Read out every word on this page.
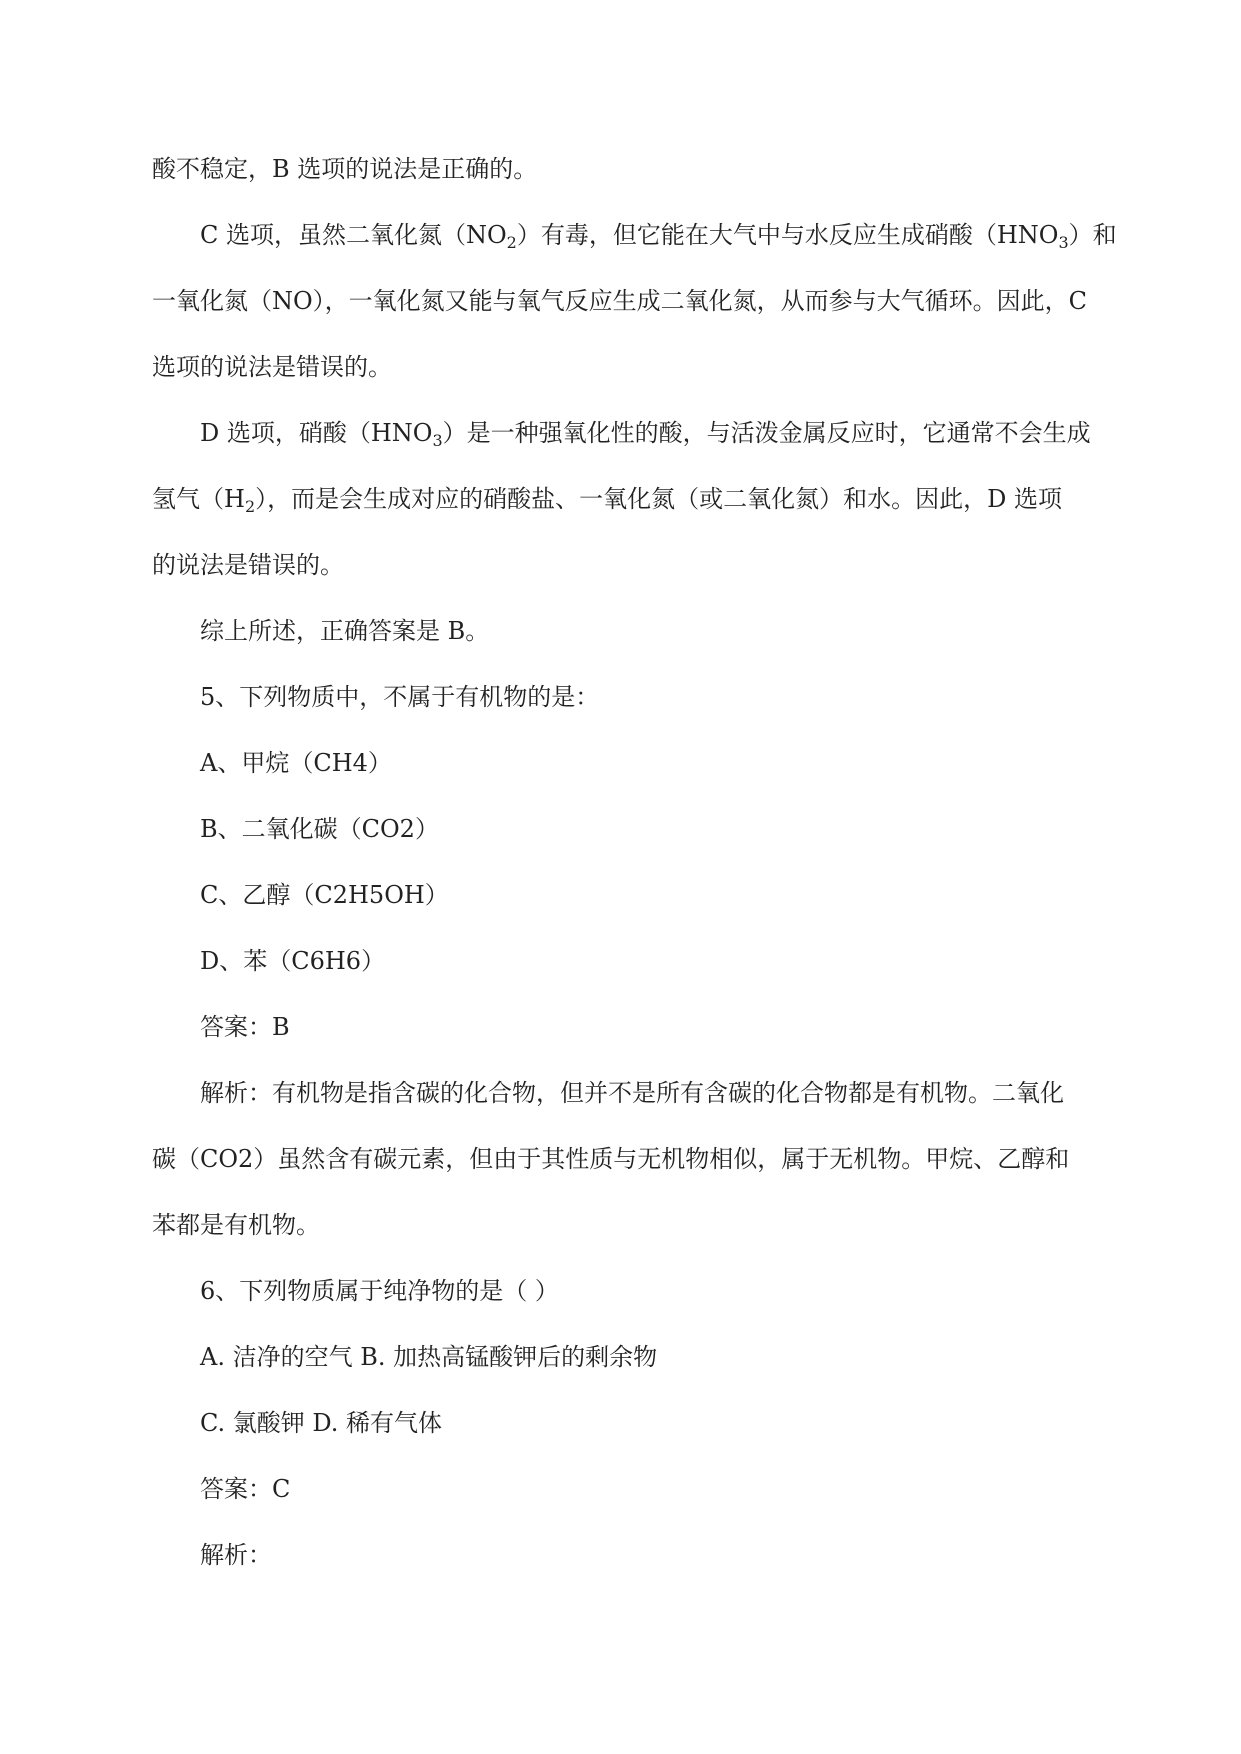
酸不稳定，B 选项的说法是正确的。
C 选项，虽然二氧化氮$(NO_2)$有毒，但它能在大气中与水反应生成硝酸$(HNO_3)$和
一氧化氮（NO），一氧化氮又能与氧气反应生成二氧化氮，从而参与大气循环。因此，C
选项的说法是错误的。
D 选项，硝酸$(HNO_3)$是一种强氧化性的酸，与活泼金属反应时，它通常不会生成
氢气$(H_2)$，而是会生成对应的硝酸盐、一氧化氮（或二氧化氮）和水。因此，D 选项
的说法是错误的。
综上所述，正确答案是 B。
5、下列物质中，不属于有机物的是：
A、甲烷（CH4）
B、二氧化碳（CO2）
C、乙醇（C2H5OH）
D、苯（C6H6）
答案：B
解析：有机物是指含碳的化合物，但并不是所有含碳的化合物都是有机物。二氧化
碳（CO2）虽然含有碳元素，但由于其性质与无机物相似，属于无机物。甲烷、乙醇和
苯都是有机物。
6、下列物质属于纯净物的是（ ）
A. 洁净的空气 B. 加热高锰酸钾后的剩余物
C. 氯酸钾 D. 稀有气体
答案：C
解析：
